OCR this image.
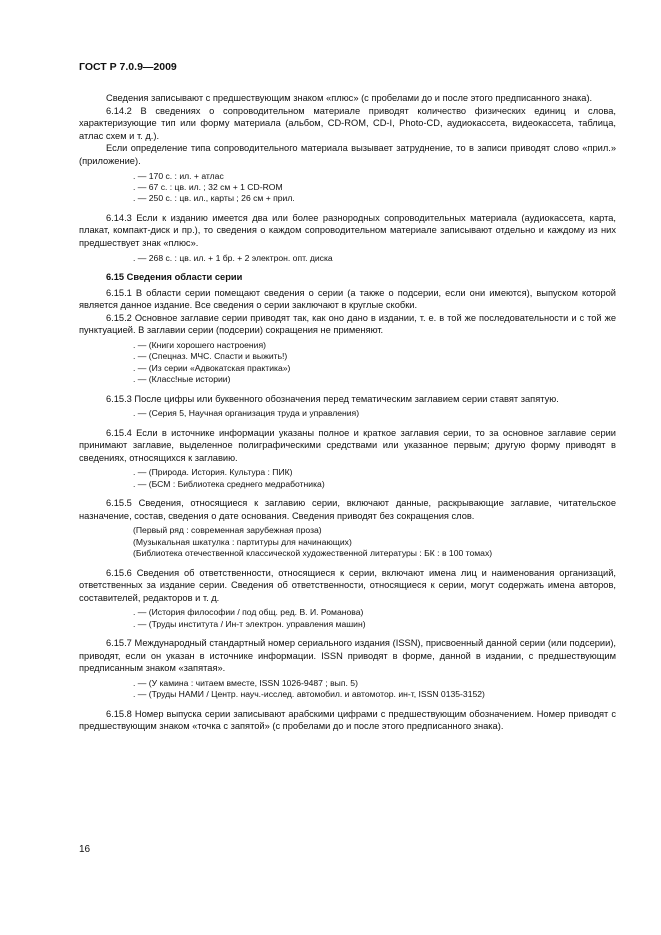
ГОСТ Р 7.0.9—2009
Сведения записывают с предшествующим знаком «плюс» (с пробелами до и после этого предписанного знака).
6.14.2 В сведениях о сопроводительном материале приводят количество физических единиц и слова, характеризующие тип или форму материала (альбом, CD-ROM, CD-I, Photo-CD, аудиокассета, видеокассета, таблица, атлас схем и т. д.).
Если определение типа сопроводительного материала вызывает затруднение, то в записи приводят слово «прил.» (приложение).
. — 170 с. : ил. + атлас
. — 67 с. : цв. ил. ; 32 см + 1 CD-ROM
. — 250 с. : цв. ил., карты ; 26 см + прил.
6.14.3 Если к изданию имеется два или более разнородных сопроводительных материала (аудиокассета, карта, плакат, компакт-диск и пр.), то сведения о каждом сопроводительном материале записывают отдельно и каждому из них предшествует знак «плюс».
. — 268 с. : цв. ил. + 1 бр. + 2 электрон. опт. диска
6.15 Сведения области серии
6.15.1 В области серии помещают сведения о серии (а также о подсерии, если они имеются), выпуском которой является данное издание. Все сведения о серии заключают в круглые скобки.
6.15.2 Основное заглавие серии приводят так, как оно дано в издании, т. е. в той же последовательности и с той же пунктуацией. В заглавии серии (подсерии) сокращения не применяют.
. — (Книги хорошего настроения)
. — (Спецназ. МЧС. Спасти и выжить!)
. — (Из серии «Адвокатская практика»)
. — (Класс!ные истории)
6.15.3 После цифры или буквенного обозначения перед тематическим заглавием серии ставят запятую.
. — (Серия 5, Научная организация труда и управления)
6.15.4 Если в источнике информации указаны полное и краткое заглавия серии, то за основное заглавие серии принимают заглавие, выделенное полиграфическими средствами или указанное первым; другую форму приводят в сведениях, относящихся к заглавию.
. — (Природа. История. Культура : ПИК)
. — (БСМ : Библиотека среднего медработника)
6.15.5 Сведения, относящиеся к заглавию серии, включают данные, раскрывающие заглавие, читательское назначение, состав, сведения о дате основания. Сведения приводят без сокращения слов.
(Первый ряд : современная зарубежная проза)
(Музыкальная шкатулка : партитуры для начинающих)
(Библиотека отечественной классической художественной литературы : БК : в 100 томах)
6.15.6 Сведения об ответственности, относящиеся к серии, включают имена лиц и наименования организаций, ответственных за издание серии. Сведения об ответственности, относящиеся к серии, могут содержать имена авторов, составителей, редакторов и т. д.
. — (История философии / под общ. ред. В. И. Романова)
. — (Труды института / Ин-т электрон. управления машин)
6.15.7 Международный стандартный номер сериального издания (ISSN), присвоенный данной серии (или подсерии), приводят, если он указан в источнике информации. ISSN приводят в форме, данной в издании, с предшествующим предписанным знаком «запятая».
. — (У камина : читаем вместе, ISSN 1026-9487 ; вып. 5)
. — (Труды НАМИ / Центр. науч.-исслед. автомобил. и автомотор. ин-т, ISSN 0135-3152)
6.15.8 Номер выпуска серии записывают арабскими цифрами с предшествующим обозначением. Номер приводят с предшествующим знаком «точка с запятой» (с пробелами до и после этого предписанного знака).
16
